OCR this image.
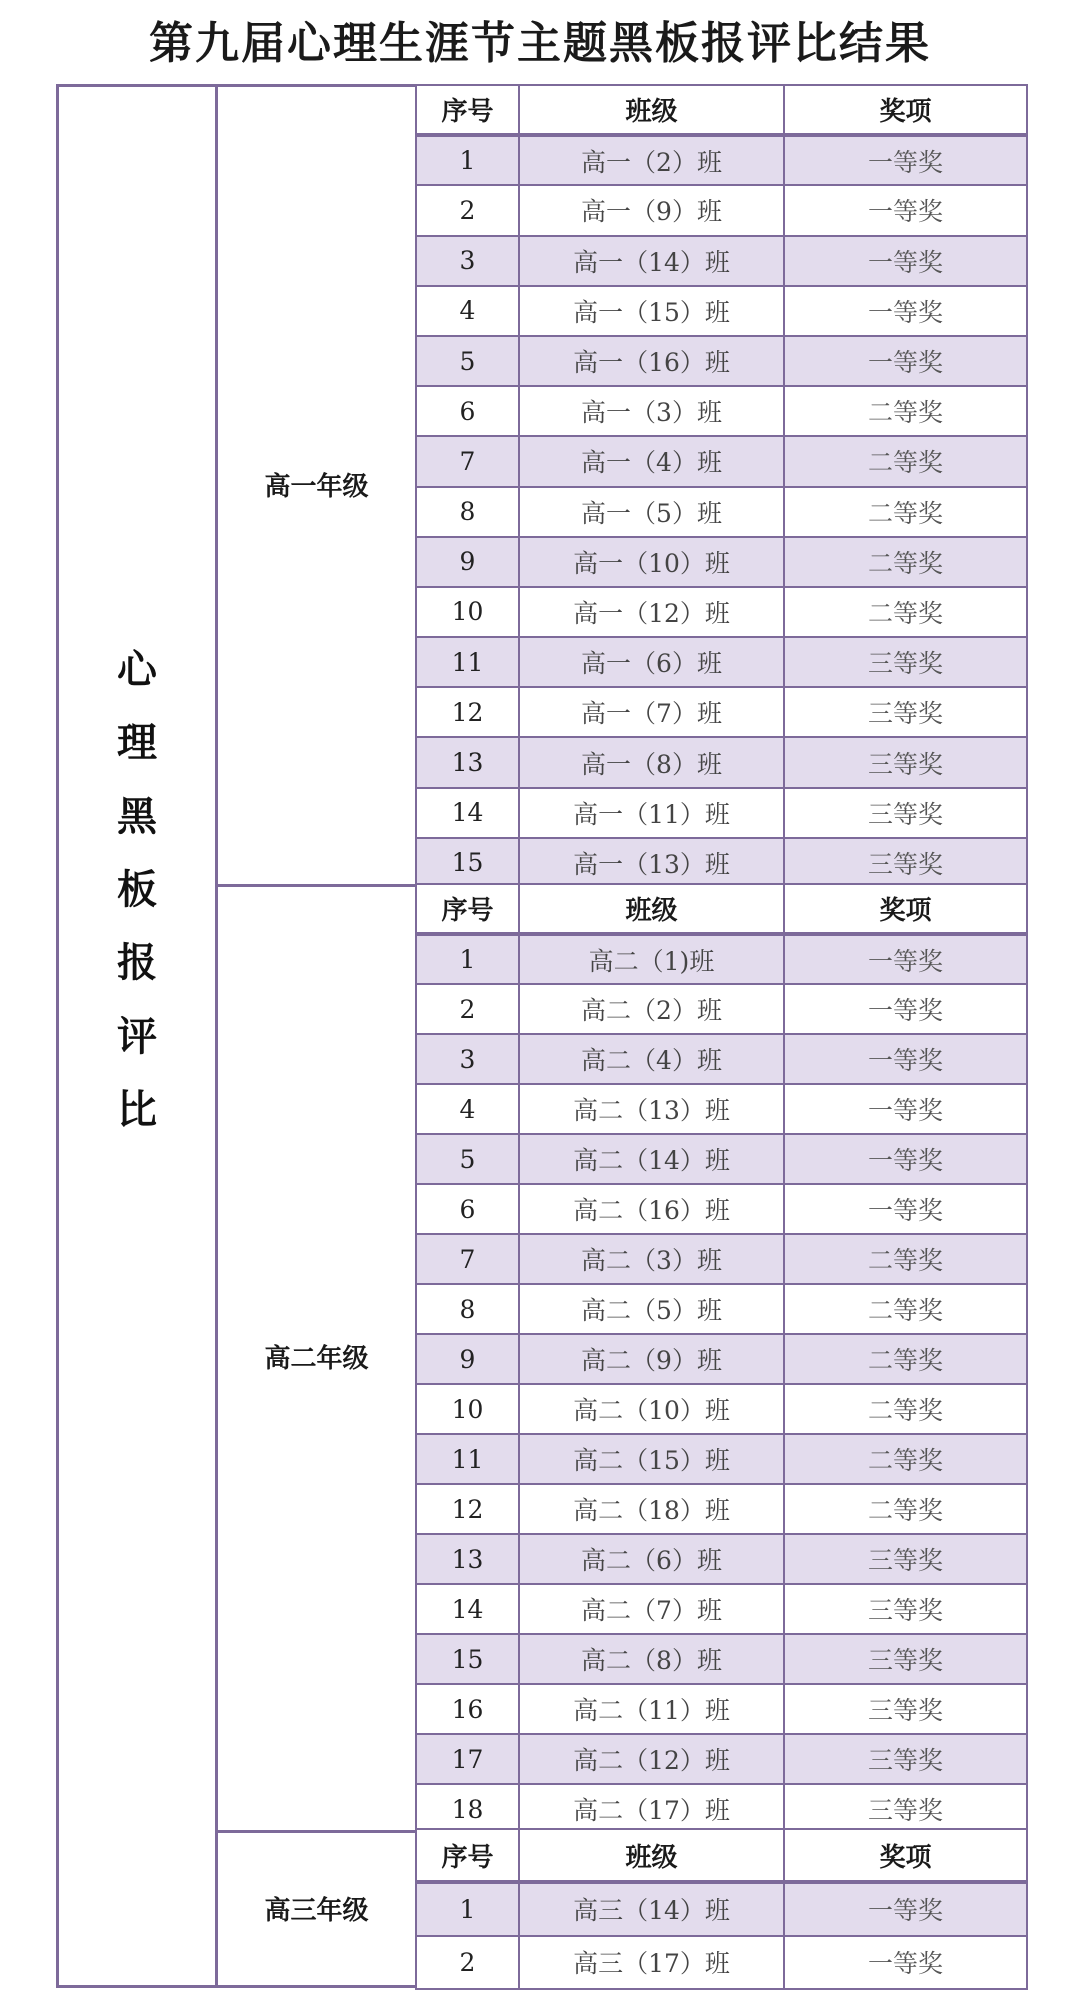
第九届心理生涯节主题黑板报评比结果
心
理
黑
板
报
评
比
高一年级
序号	班级	奖项
1	高一（2）班	一等奖
2	高一（9）班	一等奖
3	高一（14）班	一等奖
4	高一（15）班	一等奖
5	高一（16）班	一等奖
6	高一（3）班	二等奖
7	高一（4）班	二等奖
8	高一（5）班	二等奖
9	高一（10）班	二等奖
10	高一（12）班	二等奖
11	高一（6）班	三等奖
12	高一（7）班	三等奖
13	高一（8）班	三等奖
14	高一（11）班	三等奖
15	高一（13）班	三等奖
高二年级
序号	班级	奖项
1	高二（1)班	一等奖
2	高二（2）班	一等奖
3	高二（4）班	一等奖
4	高二（13）班	一等奖
5	高二（14）班	一等奖
6	高二（16）班	一等奖
7	高二（3）班	二等奖
8	高二（5）班	二等奖
9	高二（9）班	二等奖
10	高二（10）班	二等奖
11	高二（15）班	二等奖
12	高二（18）班	二等奖
13	高二（6）班	三等奖
14	高二（7）班	三等奖
15	高二（8）班	三等奖
16	高二（11）班	三等奖
17	高二（12）班	三等奖
18	高二（17）班	三等奖
高三年级
序号	班级	奖项
1	高三（14）班	一等奖
2	高三（17）班	一等奖
